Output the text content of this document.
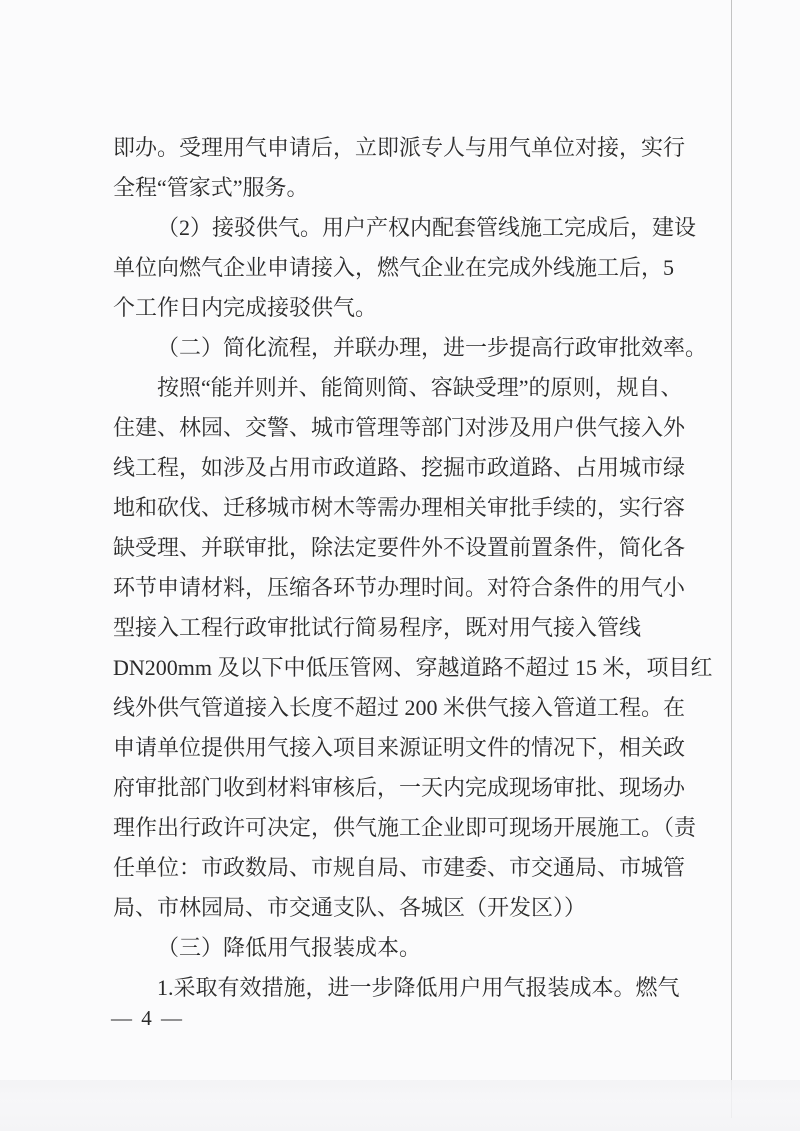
即办。受理用气申请后，立即派专人与用气单位对接，实行
全程“管家式”服务。
（2）接驳供气。用户产权内配套管线施工完成后，建设
单位向燃气企业申请接入，燃气企业在完成外线施工后，5
个工作日内完成接驳供气。
（二）简化流程，并联办理，进一步提高行政审批效率。
按照“能并则并、能简则简、容缺受理”的原则，规自、
住建、林园、交警、城市管理等部门对涉及用户供气接入外
线工程，如涉及占用市政道路、挖掘市政道路、占用城市绿
地和砍伐、迁移城市树木等需办理相关审批手续的，实行容
缺受理、并联审批，除法定要件外不设置前置条件，简化各
环节申请材料，压缩各环节办理时间。对符合条件的用气小
型接入工程行政审批试行简易程序，既对用气接入管线
DN200mm 及以下中低压管网、穿越道路不超过 15 米，项目红
线外供气管道接入长度不超过 200 米供气接入管道工程。在
申请单位提供用气接入项目来源证明文件的情况下，相关政
府审批部门收到材料审核后，一天内完成现场审批、现场办
理作出行政许可决定，供气施工企业即可现场开展施工。（责
任单位：市政数局、市规自局、市建委、市交通局、市城管
局、市林园局、市交通支队、各城区（开发区））
（三）降低用气报装成本。
1.采取有效措施，进一步降低用户用气报装成本。燃气
— 4 —
